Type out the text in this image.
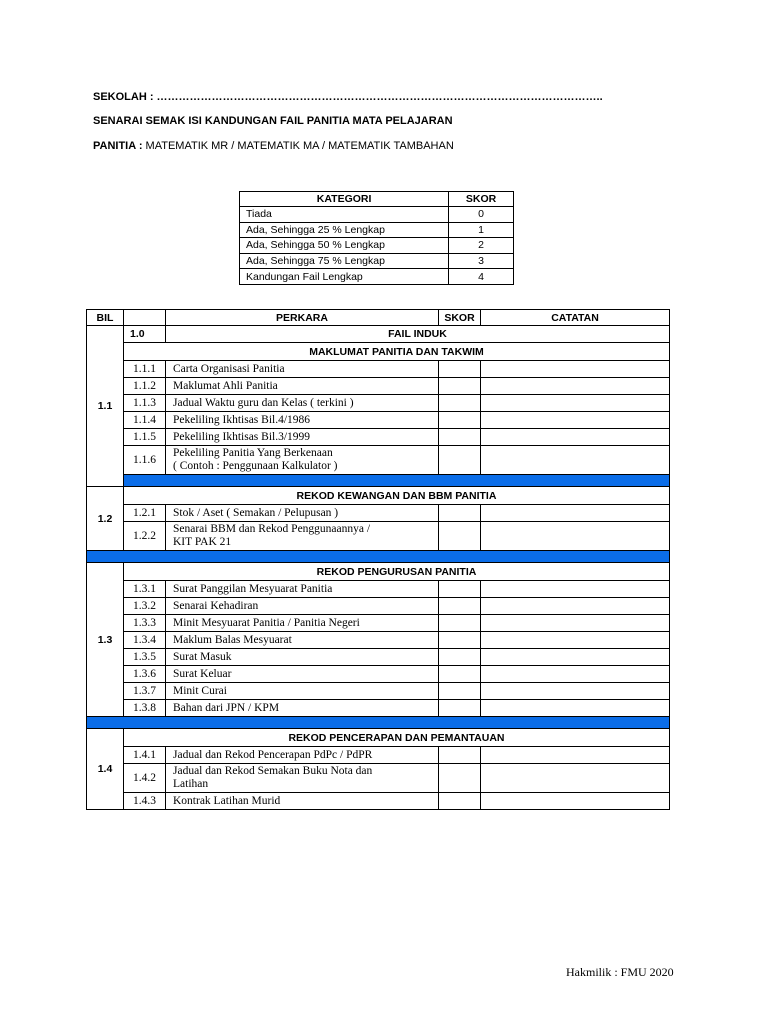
SEKOLAH : …………………………………………………………………………………………………………..
SENARAI SEMAK ISI KANDUNGAN FAIL PANITIA MATA PELAJARAN
PANITIA : MATEMATIK MR / MATEMATIK MA / MATEMATIK TAMBAHAN
KATEGORI	SKOR
Tiada	0
Ada, Sehingga 25 % Lengkap	1
Ada, Sehingga 50 % Lengkap	2
Ada, Sehingga 75 % Lengkap	3
Kandungan Fail Lengkap	4
BIL		PERKARA	SKOR	CATATAN
1.1	1.0	FAIL INDUK		
	MAKLUMAT PANITIA DAN TAKWIM			
	1.1.1	Carta Organisasi Panitia		
	1.1.2	Maklumat Ahli Panitia		
	1.1.3	Jadual Waktu guru dan Kelas ( terkini )		
	1.1.4	Pekeliling Ikhtisas Bil.4/1986		
	1.1.5	Pekeliling Ikhtisas Bil.3/1999		
	1.1.6	Pekeliling Panitia Yang Berkenaan
( Contoh : Penggunaan Kalkulator )		

1.2	REKOD KEWANGAN DAN BBM PANITIA			
	1.2.1	Stok / Aset ( Semakan / Pelupusan )		
	1.2.2	Senarai BBM dan Rekod Penggunaannya /
KIT PAK 21		

1.3	REKOD PENGURUSAN PANITIA			
	1.3.1	Surat Panggilan Mesyuarat Panitia		
	1.3.2	Senarai Kehadiran		
	1.3.3	Minit Mesyuarat Panitia / Panitia Negeri		
	1.3.4	Maklum Balas Mesyuarat		
	1.3.5	Surat Masuk		
	1.3.6	Surat Keluar		
	1.3.7	Minit Curai		
	1.3.8	Bahan dari JPN / KPM		

1.4	REKOD PENCERAPAN DAN PEMANTAUAN			
	1.4.1	Jadual dan Rekod Pencerapan PdPc / PdPR		
	1.4.2	Jadual dan Rekod Semakan Buku Nota dan
Latihan		

	1.4.3	Kontrak Latihan Murid		
Hakmilik : FMU 2020
